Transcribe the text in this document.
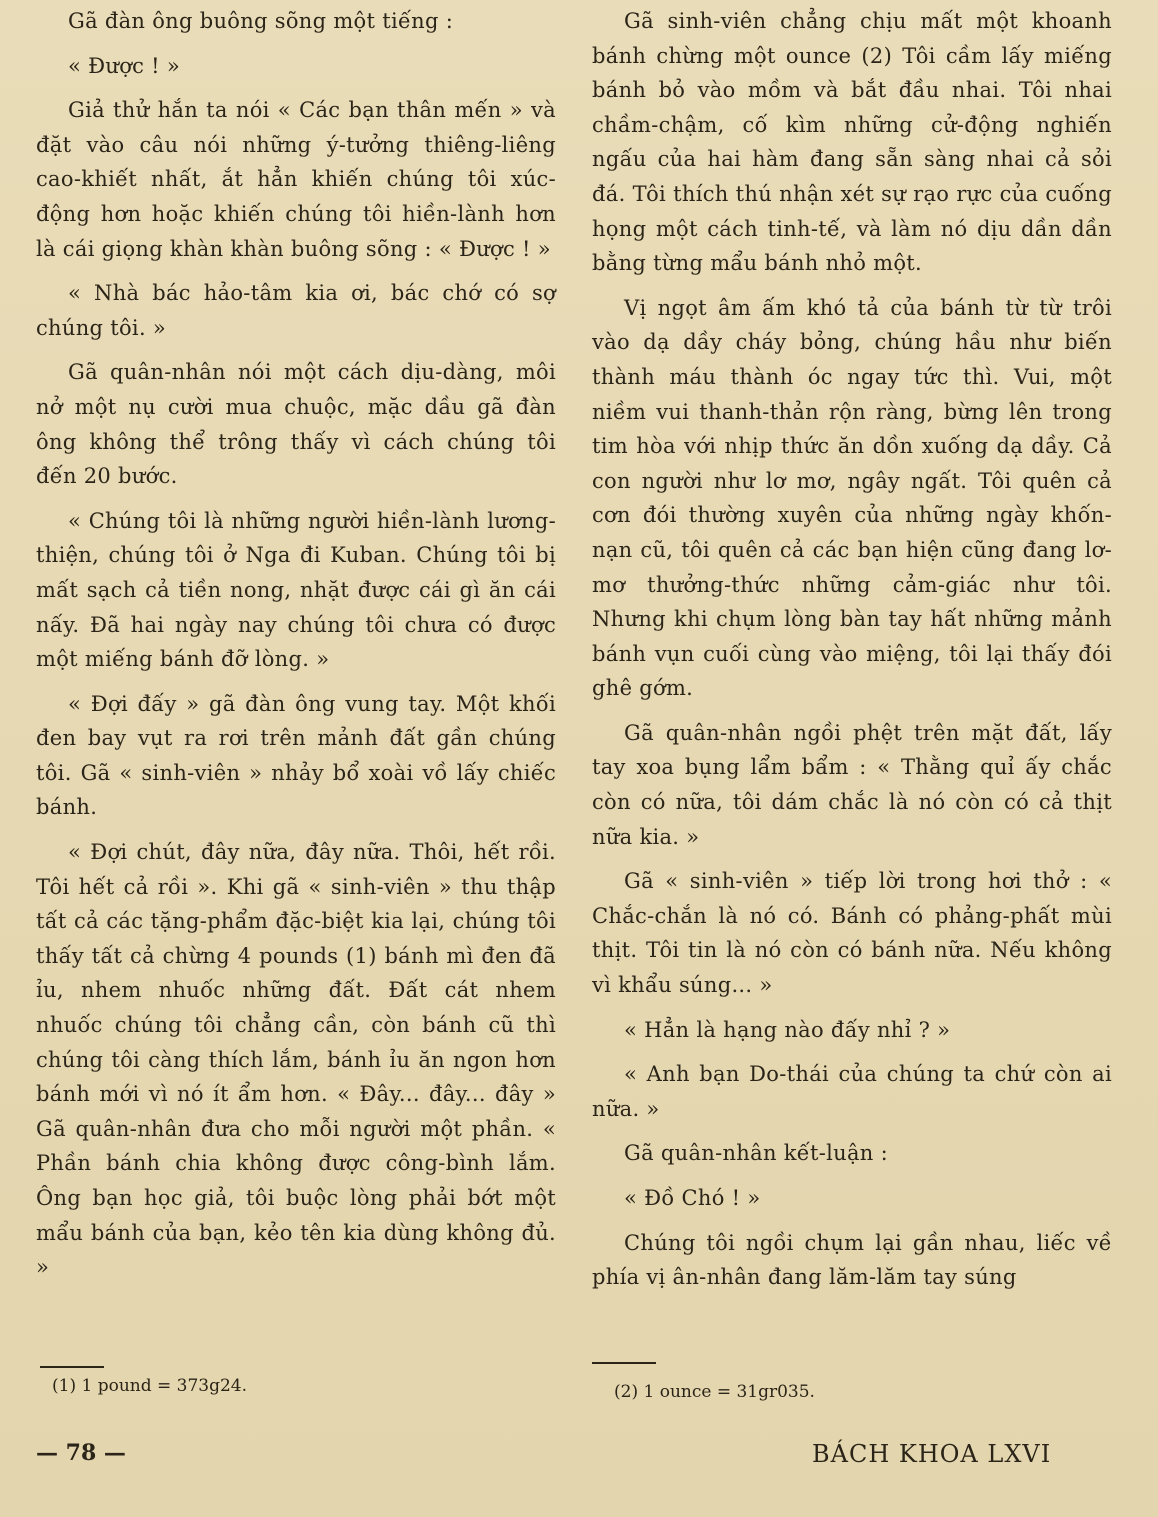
Gã đàn ông buông sõng một tiếng :

« Được ! »

Giả thử hắn ta nói « Các bạn thân mến » và đặt vào câu nói những ý-tưởng thiêng-liêng cao-khiết nhất, ắt hẳn khiến chúng tôi xúc-động hơn hoặc khiến chúng tôi hiền-lành hơn là cái giọng khàn khàn buông sõng : « Được ! »

« Nhà bác hảo-tâm kia ơi, bác chớ có sợ chúng tôi. »

Gã quân-nhân nói một cách dịu-dàng, môi nở một nụ cười mua chuộc, mặc dầu gã đàn ông không thể trông thấy vì cách chúng tôi đến 20 bước.

« Chúng tôi là những người hiền-lành lương-thiện, chúng tôi ở Nga đi Kuban. Chúng tôi bị mất sạch cả tiền nong, nhặt được cái gì ăn cái nấy. Đã hai ngày nay chúng tôi chưa có được một miếng bánh đỡ lòng. »

« Đợi đấy » gã đàn ông vung tay. Một khối đen bay vụt ra rơi trên mảnh đất gần chúng tôi. Gã « sinh-viên » nhảy bổ xoài vồ lấy chiếc bánh.

« Đợi chút, đây nữa, đây nữa. Thôi, hết rồi. Tôi hết cả rồi ». Khi gã « sinh-viên » thu thập tất cả các tặng-phẩm đặc-biệt kia lại, chúng tôi thấy tất cả chừng 4 pounds (1) bánh mì đen đã ỉu, nhem nhuốc những đất. Đất cát nhem nhuốc chúng tôi chẳng cần, còn bánh cũ thì chúng tôi càng thích lắm, bánh ỉu ăn ngon hơn bánh mới vì nó ít ẩm hơn. « Đây... đây... đây » Gã quân-nhân đưa cho mỗi người một phần. « Phần bánh chia không được công-bình lắm. Ông bạn học giả, tôi buộc lòng phải bớt một mẩu bánh của bạn, kẻo tên kia dùng không đủ. »

Gã sinh-viên chẳng chịu mất một khoanh bánh chừng một ounce (2) Tôi cầm lấy miếng bánh bỏ vào mồm và bắt đầu nhai. Tôi nhai chầm-chậm, cố kìm những cử-động nghiến ngấu của hai hàm đang sẵn sàng nhai cả sỏi đá. Tôi thích thú nhận xét sự rạo rực của cuống họng một cách tinh-tế, và làm nó dịu dần dần bằng từng mẩu bánh nhỏ một.

Vị ngọt âm ấm khó tả của bánh từ từ trôi vào dạ dầy cháy bỏng, chúng hầu như biến thành máu thành óc ngay tức thì. Vui, một niềm vui thanh-thản rộn ràng, bừng lên trong tim hòa với nhịp thức ăn dồn xuống dạ dầy. Cả con người như lơ mơ, ngây ngất. Tôi quên cả cơn đói thường xuyên của những ngày khốn-nạn cũ, tôi quên cả các bạn hiện cũng đang lơ-mơ thưởng-thức những cảm-giác như tôi. Nhưng khi chụm lòng bàn tay hất những mảnh bánh vụn cuối cùng vào miệng, tôi lại thấy đói ghê gớm.

Gã quân-nhân ngồi phệt trên mặt đất, lấy tay xoa bụng lẩm bẩm : « Thằng quỉ ấy chắc còn có nữa, tôi dám chắc là nó còn có cả thịt nữa kia. »

Gã « sinh-viên » tiếp lời trong hơi thở : « Chắc-chắn là nó có. Bánh có phảng-phất mùi thịt. Tôi tin là nó còn có bánh nữa. Nếu không vì khẩu súng... »

« Hẳn là hạng nào đấy nhỉ ? »

« Anh bạn Do-thái của chúng ta chứ còn ai nữa. »

Gã quân-nhân kết-luận :

« Đồ Chó ! »

Chúng tôi ngồi chụm lại gần nhau, liếc về phía vị ân-nhân đang lăm-lăm tay súng

(1) 1 pound = 373g24.	(2) 1 ounce = 31gr035.
— 78 —	BÁCH KHOA LXVI
